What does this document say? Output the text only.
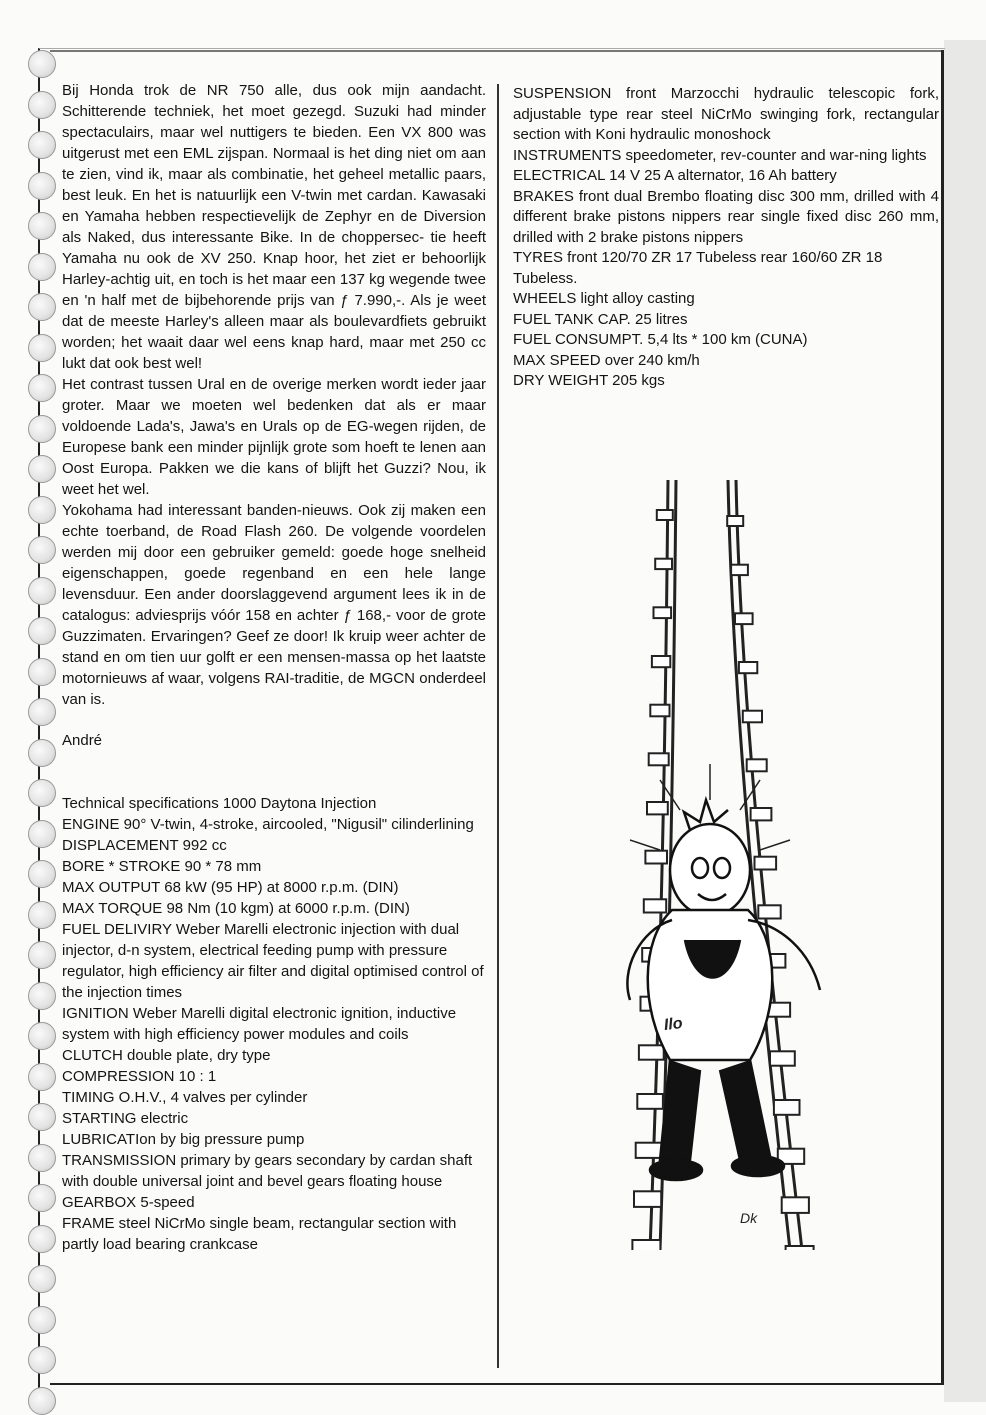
Bij Honda trok de NR 750 alle, dus ook mijn aandacht. Schitterende techniek, het moet gezegd. Suzuki had minder spectaculairs, maar wel nuttigers te bieden. Een VX 800 was uitgerust met een EML zijspan. Normaal is het ding niet om aan te zien, vind ik, maar als combinatie, het geheel metallic paars, best leuk. En het is natuurlijk een V-twin met cardan. Kawasaki en Yamaha hebben respectievelijk de Zephyr en de Diversion als Naked, dus interessante Bike. In de choppersec- tie heeft Yamaha nu ook de XV 250. Knap hoor, het ziet er behoorlijk Harley-achtig uit, en toch is het maar een 137 kg wegende twee en 'n half met de bijbehorende prijs van ƒ 7.990,-. Als je weet dat de meeste Harley's alleen maar als boulevardfiets gebruikt worden; het waait daar wel eens knap hard, maar met 250 cc lukt dat ook best wel!

Het contrast tussen Ural en de overige merken wordt ieder jaar groter. Maar we moeten wel bedenken dat als er maar voldoende Lada's, Jawa's en Urals op de EG-wegen rijden, de Europese bank een minder pijnlijk grote som hoeft te lenen aan Oost Europa. Pakken we die kans of blijft het Guzzi? Nou, ik weet het wel.

Yokohama had interessant banden-nieuws. Ook zij maken een echte toerband, de Road Flash 260. De volgende voordelen werden mij door een gebruiker gemeld: goede hoge snelheid eigenschappen, goede regenband en een hele lange levensduur. Een ander doorslaggevend argument lees ik in de catalogus: adviesprijs vóór 158 en achter ƒ 168,- voor de grote Guzzimaten. Ervaringen? Geef ze door! Ik kruip weer achter de stand en om tien uur golft er een mensen-massa op het laatste motornieuws af waar, volgens RAI-traditie, de MGCN onderdeel van is.

André

Technical specifications 1000 Daytona Injection

ENGINE 90° V-twin, 4-stroke, aircooled, "Nigusil" cilinderlining

DISPLACEMENT 992 cc

BORE * STROKE 90 * 78 mm

MAX OUTPUT 68 kW (95 HP) at 8000 r.p.m. (DIN)

MAX TORQUE 98 Nm (10 kgm) at 6000 r.p.m. (DIN)

FUEL DELIVIRY Weber Marelli electronic injection with dual injector, d-n system, electrical feeding pump with pressure regulator, high efficiency air filter and digital optimised control of the injection times

IGNITION Weber Marelli digital electronic ignition, inductive system with high efficiency power modules and coils

CLUTCH double plate, dry type

COMPRESSION 10 : 1

TIMING O.H.V., 4 valves per cylinder

STARTING electric

LUBRICATIon by big pressure pump

TRANSMISSION primary by gears secondary by cardan shaft with double universal joint and bevel gears floating house

GEARBOX 5-speed

FRAME steel NiCrMo single beam, rectangular section with partly load bearing crankcase

SUSPENSION front Marzocchi hydraulic telescopic fork, adjustable type rear steel NiCrMo swinging fork, rectangular section with Koni hydraulic monoshock

INSTRUMENTS speedometer, rev-counter and war-ning lights

ELECTRICAL 14 V 25 A alternator, 16 Ah battery

BRAKES front dual Brembo floating disc 300 mm, drilled with 4 different brake pistons nippers rear single fixed disc 260 mm, drilled with 2 brake pistons nippers

TYRES front 120/70 ZR 17 Tubeless rear 160/60 ZR 18 Tubeless.

WHEELS light alloy casting

FUEL TANK CAP. 25 litres

FUEL CONSUMPT. 5,4 lts * 100 km (CUNA)

MAX SPEED over 240 km/h

DRY WEIGHT 205 kgs

Ilo
Dk
